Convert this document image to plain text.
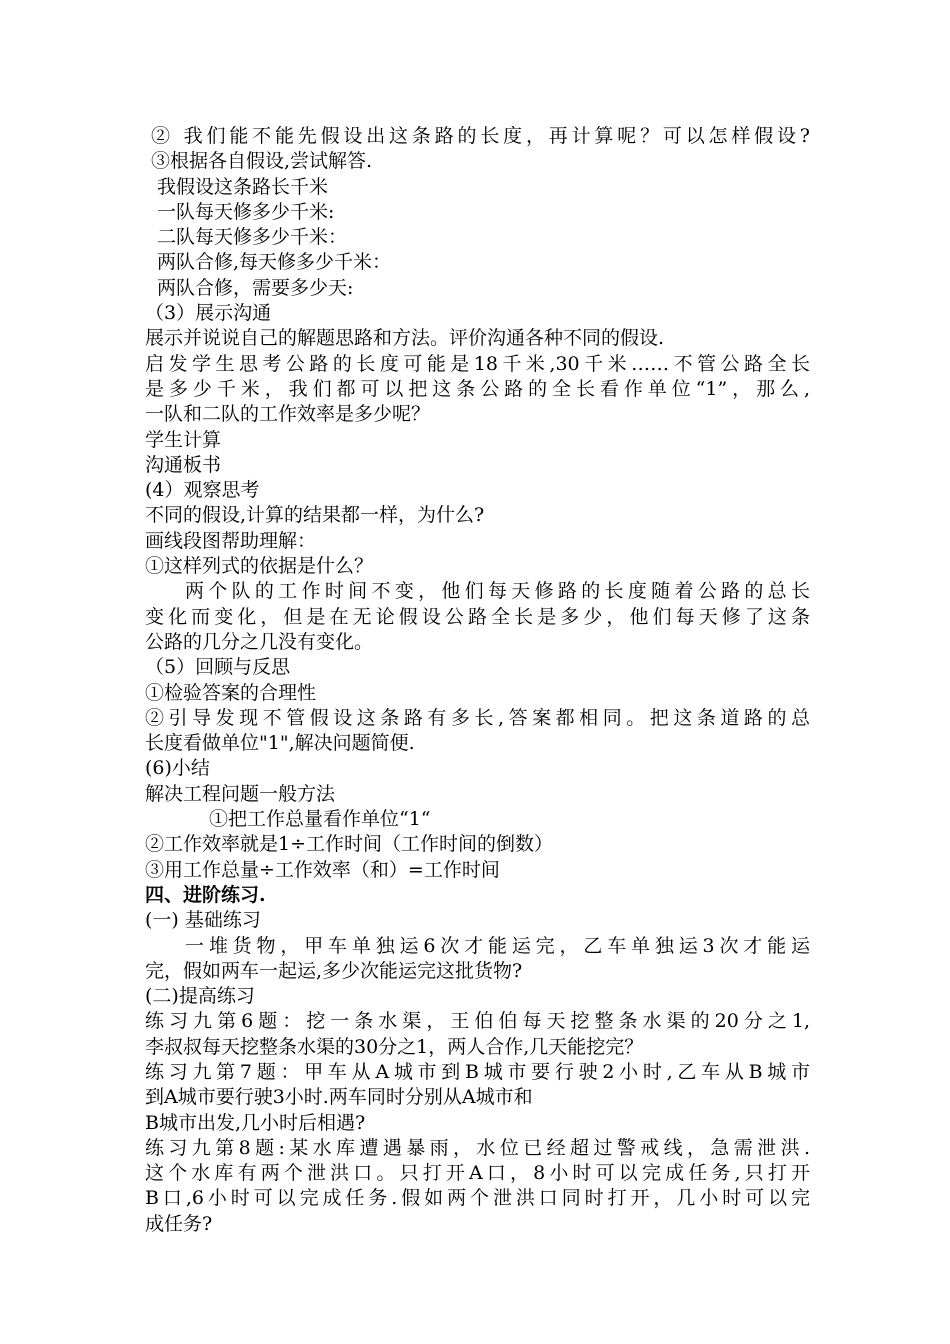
② 我们能不能先假设出这条路的长度，再计算呢？可以怎样假设?
③根据各自假设,尝试解答.
我假设这条路长千米
一队每天修多少千米:
二队每天修多少千米：
两队合修,每天修多少千米：
两队合修，需要多少天:
（3）展示沟通
展示并说说自己的解题思路和方法。评价沟通各种不同的假设.
启发学生思考公路的长度可能是18千米,30千米……不管公路全长
是多少千米，我们都可以把这条公路的全长看作单位“1”，那么,
一队和二队的工作效率是多少呢？
学生计算
沟通板书
(4）观察思考
不同的假设,计算的结果都一样，为什么?
画线段图帮助理解：
①这样列式的依据是什么？
两个队的工作时间不变，他们每天修路的长度随着公路的总长
变化而变化，但是在无论假设公路全长是多少，他们每天修了这条
公路的几分之几没有变化。
（5）回顾与反思
①检验答案的合理性
②引导发现不管假设这条路有多长,答案都相同。把这条道路的总
长度看做单位"1",解决问题简便.
(6)小结
解决工程问题一般方法
①把工作总量看作单位“1“
②工作效率就是1÷工作时间（工作时间的倒数）
③用工作总量÷工作效率（和）=工作时间
四、进阶练习.
(一) 基础练习
一堆货物，甲车单独运6次才能运完，乙车单独运3次才能运
完，假如两车一起运,多少次能运完这批货物?
(二)提高练习
练习九第6题：挖一条水渠，王伯伯每天挖整条水渠的20分之1,
李叔叔每天挖整条水渠的30分之1，两人合作,几天能挖完？
练习九第7题：甲车从A城市到B城市要行驶2小时,乙车从B城市
到A城市要行驶3小时.两车同时分别从A城市和
B城市出发,几小时后相遇?
练习九第8题:某水库遭遇暴雨，水位已经超过警戒线，急需泄洪.
这个水库有两个泄洪口。只打开A口，8小时可以完成任务,只打开
B口,6小时可以完成任务.假如两个泄洪口同时打开，几小时可以完
成任务?
